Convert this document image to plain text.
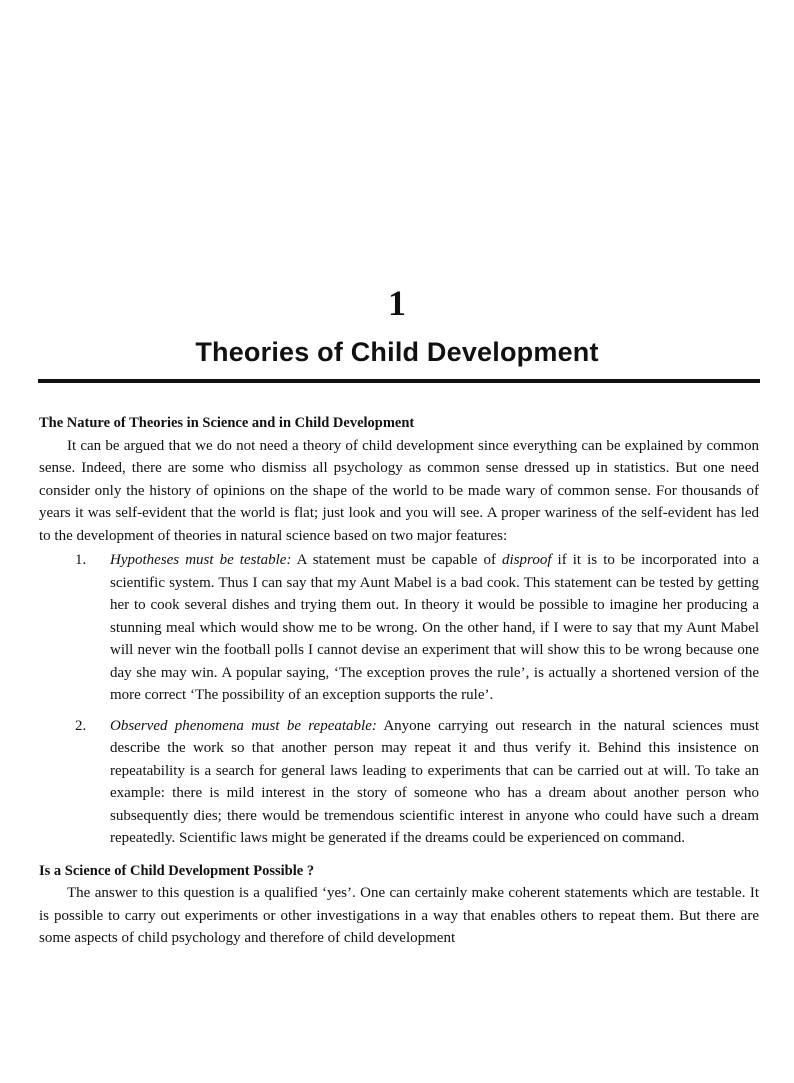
1
Theories of Child Development
The Nature of Theories in Science and in Child Development

It can be argued that we do not need a theory of child development since everything can be explained by common sense. Indeed, there are some who dismiss all psychology as common sense dressed up in statistics. But one need consider only the history of opinions on the shape of the world to be made wary of common sense. For thousands of years it was self-evident that the world is flat; just look and you will see. A proper wariness of the self-evident has led to the development of theories in natural science based on two major features:

1. Hypotheses must be testable: A statement must be capable of disproof if it is to be incorporated into a scientific system. Thus I can say that my Aunt Mabel is a bad cook. This statement can be tested by getting her to cook several dishes and trying them out. In theory it would be possible to imagine her producing a stunning meal which would show me to be wrong. On the other hand, if I were to say that my Aunt Mabel will never win the football polls I cannot devise an experiment that will show this to be wrong because one day she may win. A popular saying, ‘The exception proves the rule’, is actually a shortened version of the more correct ‘The possibility of an exception supports the rule’.
2. Observed phenomena must be repeatable: Anyone carrying out research in the natural sciences must describe the work so that another person may repeat it and thus verify it. Behind this insistence on repeatability is a search for general laws leading to experiments that can be carried out at will. To take an example: there is mild interest in the story of someone who has a dream about another person who subsequently dies; there would be tremendous scientific interest in anyone who could have such a dream repeatedly. Scientific laws might be generated if the dreams could be experienced on command.
Is a Science of Child Development Possible ?

The answer to this question is a qualified ‘yes’. One can certainly make coherent statements which are testable. It is possible to carry out experiments or other investigations in a way that enables others to repeat them. But there are some aspects of child psychology and therefore of child development
